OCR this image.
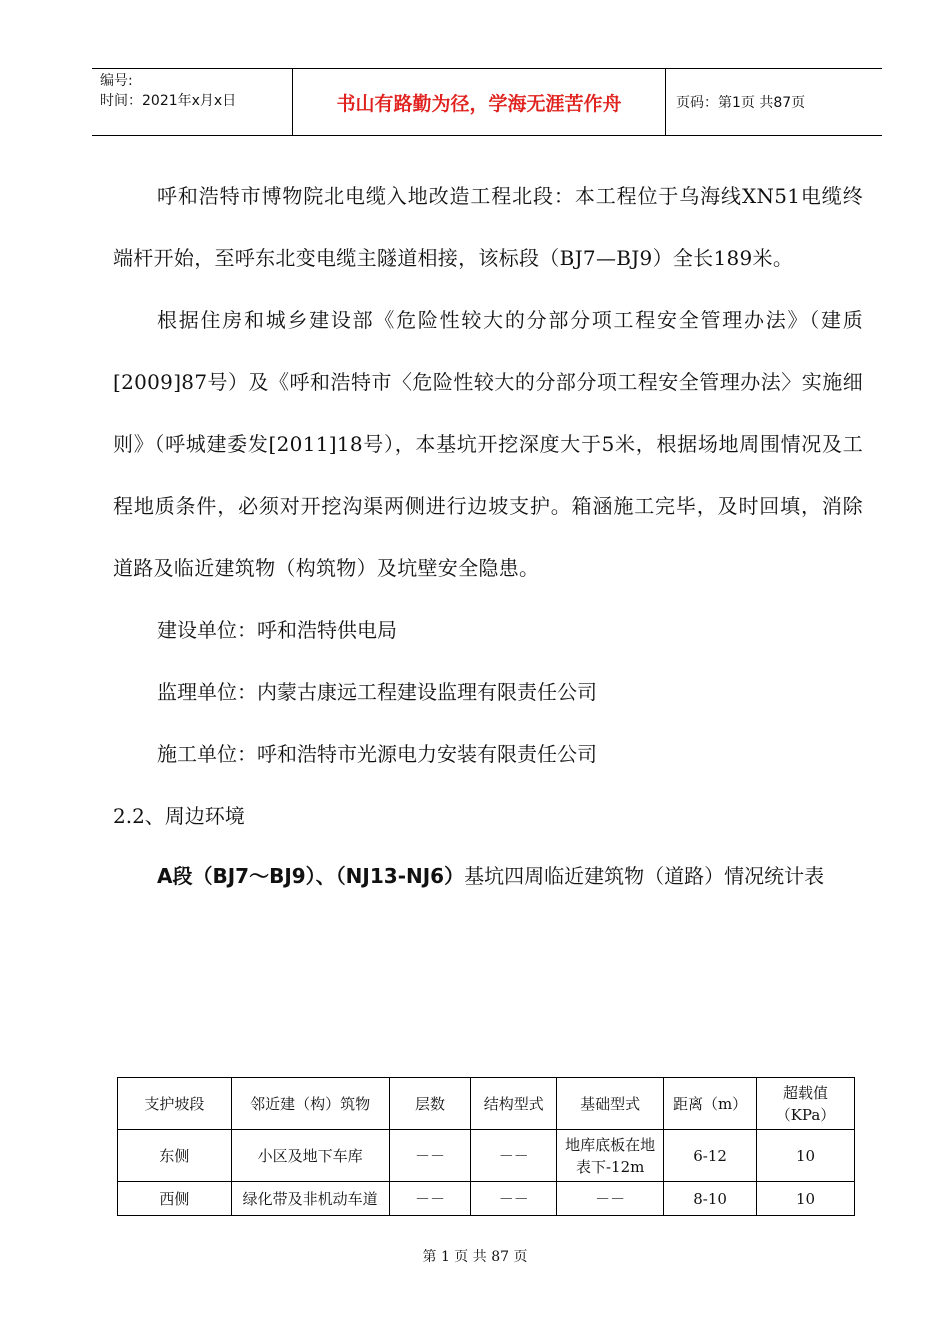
编号:
时间：2021年x月x日	书山有路勤为径，学海无涯苦作舟	页码：第1页 共87页

呼和浩特市博物院北电缆入地改造工程北段：本工程位于乌海线XN51电缆终端杆开始，至呼东北变电缆主隧道相接，该标段（BJ7—BJ9）全长189米。

根据住房和城乡建设部《危险性较大的分部分项工程安全管理办法》（建质[2009]87号）及《呼和浩特市〈危险性较大的分部分项工程安全管理办法〉实施细则》（呼城建委发[2011]18号），本基坑开挖深度大于5米，根据场地周围情况及工程地质条件，必须对开挖沟渠两侧进行边坡支护。箱涵施工完毕，及时回填，消除道路及临近建筑物（构筑物）及坑壁安全隐患。

建设单位：呼和浩特供电局

监理单位：内蒙古康远工程建设监理有限责任公司

施工单位：呼和浩特市光源电力安装有限责任公司

2.2、周边环境

A段（BJ7～BJ9）、（NJ13-NJ6）基坑四周临近建筑物（道路）情况统计表

支护坡段	邻近建（构）筑物	层数	结构型式	基础型式	距离（m）	超载值（KPa）
东侧	小区及地下车库	－－	－－	地库底板在地表下-12m	6-12	10
西侧	绿化带及非机动车道	－－	－－	－－	8-10	10
第 1 页 共 87 页
